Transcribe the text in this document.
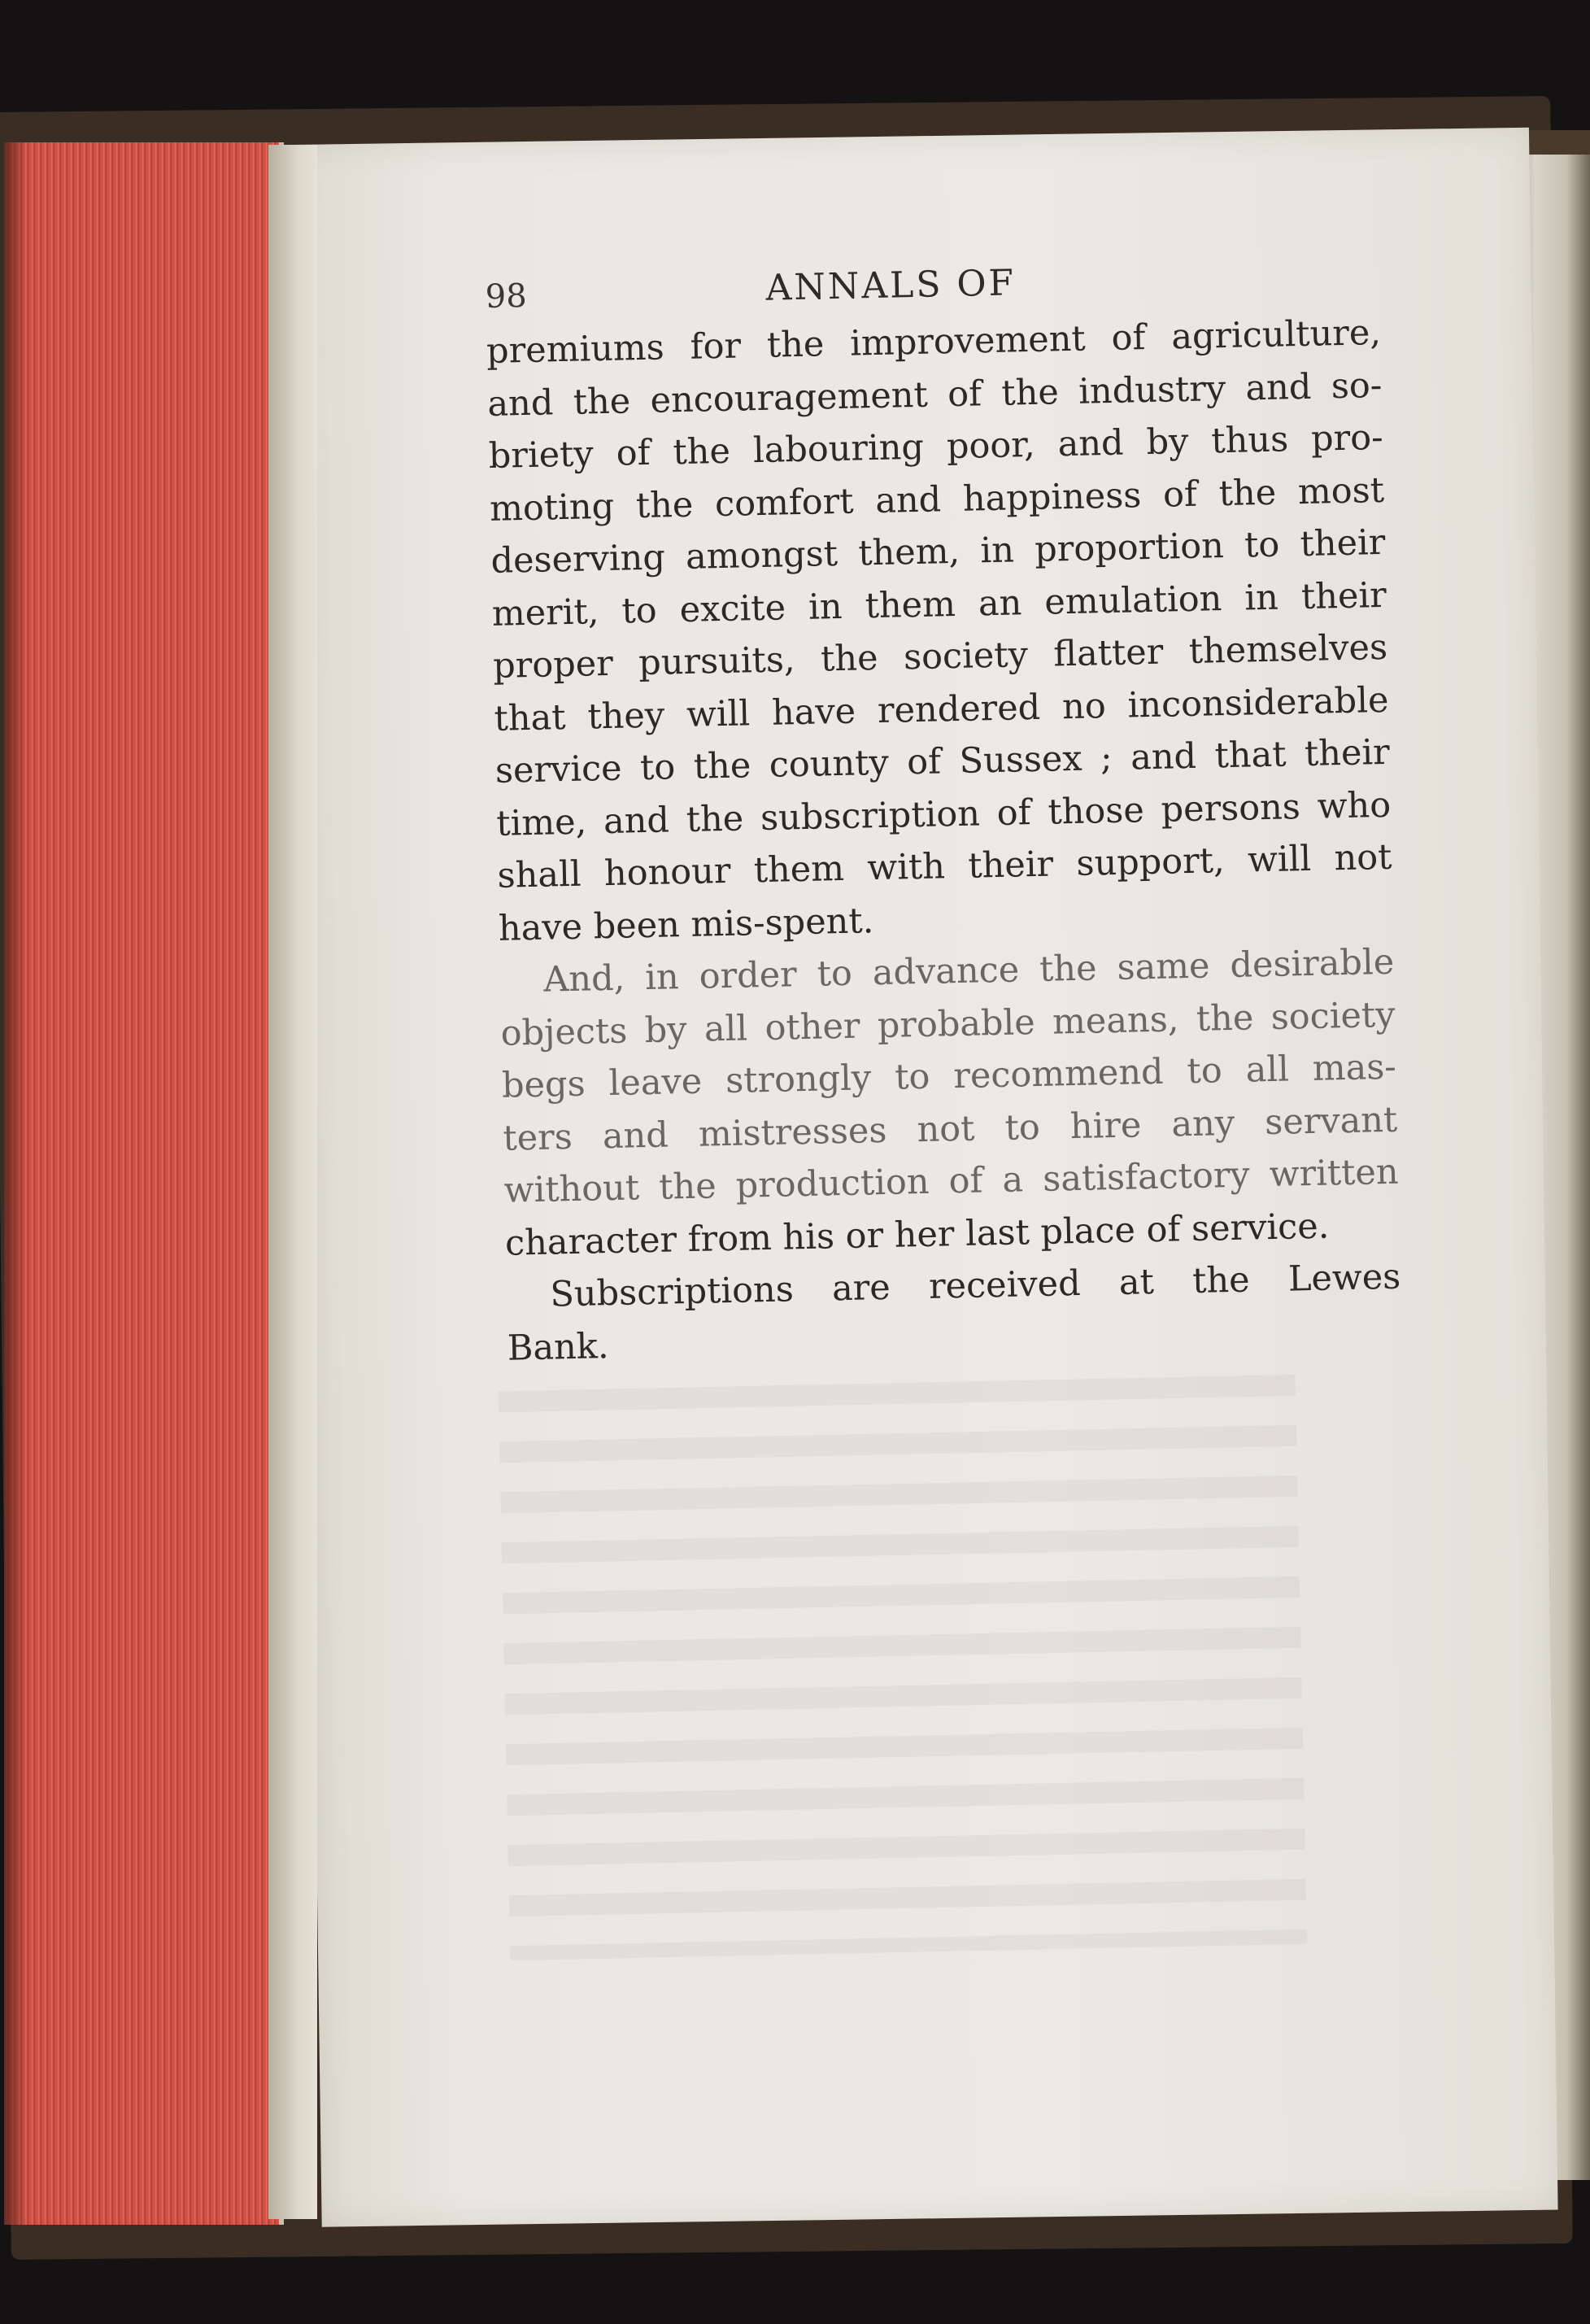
98	ANNALS OF
premiums for the improvement of agriculture,
and the encouragement of the industry and so-
briety of the labouring poor, and by thus pro-
moting the comfort and happiness of the most
deserving amongst them, in proportion to their
merit, to excite in them an emulation in their
proper pursuits, the society flatter themselves
that they will have rendered no inconsiderable
service to the county of Sussex ; and that their
time, and the subscription of those persons who
shall honour them with their support, will not
have been mis-spent.
And, in order to advance the same desirable
objects by all other probable means, the society
begs leave strongly to recommend to all mas-
ters and mistresses not to hire any servant
without the production of a satisfactory written
character from his or her last place of service.
Subscriptions are received at the Lewes
Bank.
